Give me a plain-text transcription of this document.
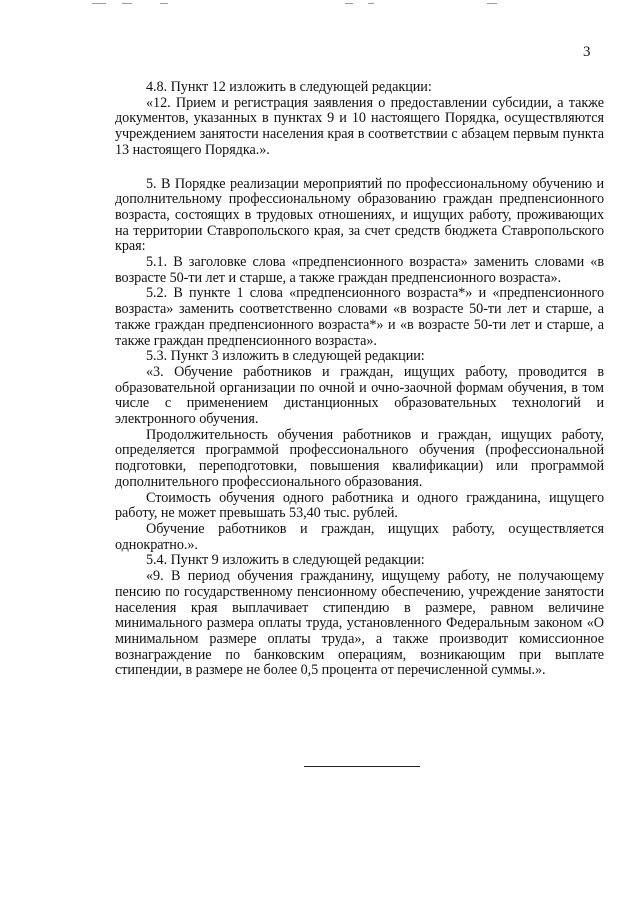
3

4.8. Пункт 12 изложить в следующей редакции:

«12. Прием и регистрация заявления о предоставлении субсидии, а также документов, указанных в пунктах 9 и 10 настоящего Порядка, осуществляются учреждением занятости населения края в соответствии с абзацем первым пункта 13 настоящего Порядка.».

5. В Порядке реализации мероприятий по профессиональному обучению и дополнительному профессиональному образованию граждан предпенсионного возраста, состоящих в трудовых отношениях, и ищущих работу, проживающих на территории Ставропольского края, за счет средств бюджета Ставропольского края:

5.1. В заголовке слова «предпенсионного возраста» заменить словами «в возрасте 50-ти лет и старше, а также граждан предпенсионного возраста».

5.2. В пункте 1 слова «предпенсионного возраста*» и «предпенсионного возраста» заменить соответственно словами «в возрасте 50-ти лет и старше, а также граждан предпенсионного возраста*» и «в возрасте 50-ти лет и старше, а также граждан предпенсионного возраста».

5.3. Пункт 3 изложить в следующей редакции:

«3. Обучение работников и граждан, ищущих работу, проводится в образовательной организации по очной и очно-заочной формам обучения, в том числе с применением дистанционных образовательных технологий и электронного обучения.

Продолжительность обучения работников и граждан, ищущих работу, определяется программой профессионального обучения (профессиональной подготовки, переподготовки, повышения квалификации) или программой дополнительного профессионального образования.

Стоимость обучения одного работника и одного гражданина, ищущего работу, не может превышать 53,40 тыс. рублей.

Обучение работников и граждан, ищущих работу, осуществляется однократно.».

5.4. Пункт 9 изложить в следующей редакции:

«9. В период обучения гражданину, ищущему работу, не получающему пенсию по государственному пенсионному обеспечению, учреждение занятости населения края выплачивает стипендию в размере, равном величине минимального размера оплаты труда, установленного Федеральным законом «О минимальном размере оплаты труда», а также производит комиссионное вознаграждение по банковским операциям, возникающим при выплате стипендии, в размере не более 0,5 процента от перечисленной суммы.».
